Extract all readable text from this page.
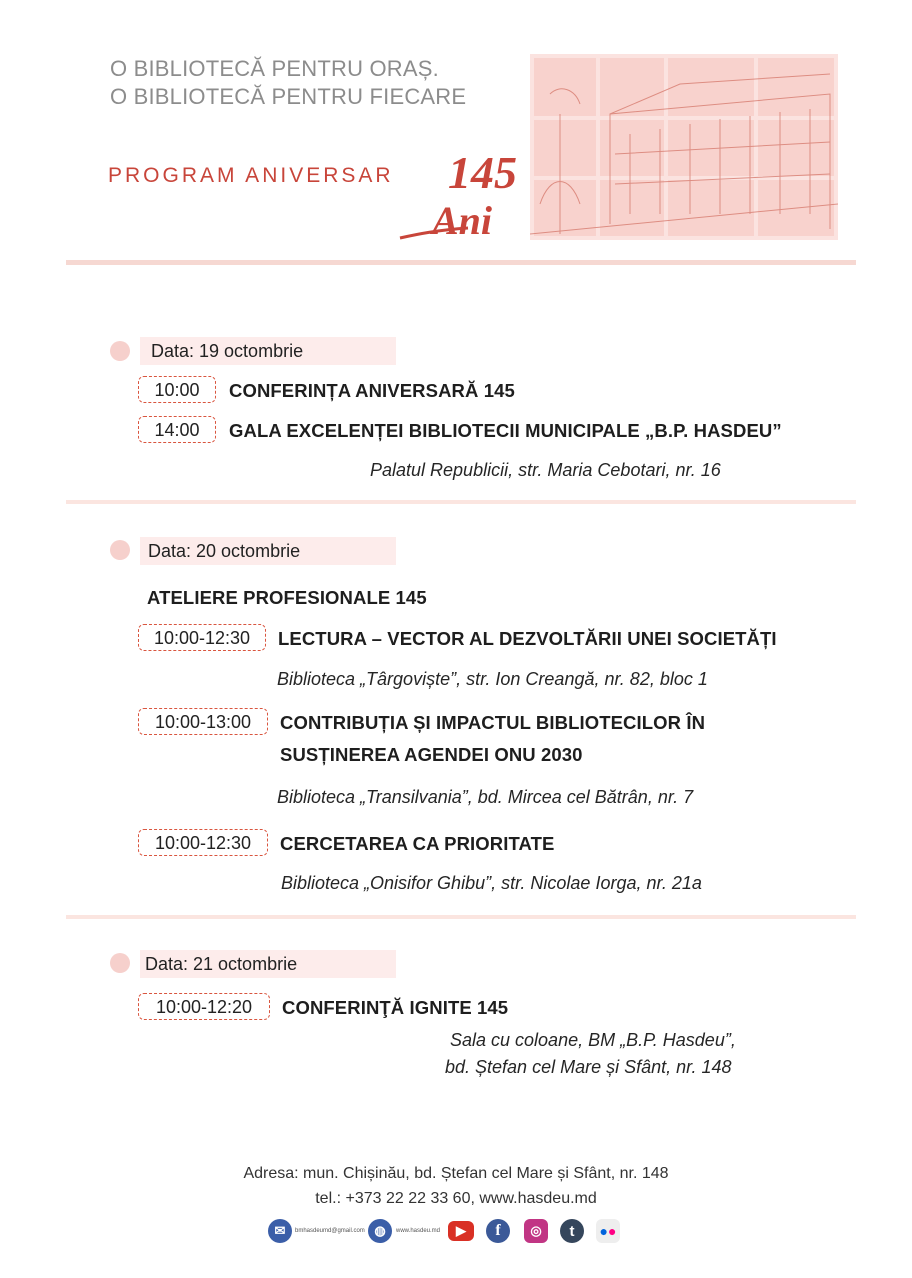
O BIBLIOTECĂ PENTRU ORAȘ.
O BIBLIOTECĂ PENTRU FIECARE
PROGRAM ANIVERSAR 145
Ani
Data: 19 octombrie
10:00	CONFERINȚA ANIVERSARĂ 145
14:00	GALA EXCELENȚEI BIBLIOTECII MUNICIPALE „B.P. HASDEU”
Palatul Republicii, str. Maria Cebotari, nr. 16
Data: 20 octombrie
ATELIERE PROFESIONALE 145
10:00-12:30	LECTURA – VECTOR AL DEZVOLTĂRII UNEI SOCIETĂȚI
Biblioteca „Târgoviște”, str. Ion Creangă, nr. 82, bloc 1
10:00-13:00	CONTRIBUȚIA ȘI IMPACTUL BIBLIOTECILOR ÎN
SUSȚINEREA AGENDEI ONU 2030
Biblioteca „Transilvania”, bd. Mircea cel Bătrân, nr. 7
10:00-12:30	CERCETAREA CA PRIORITATE
Biblioteca „Onisifor Ghibu”, str. Nicolae Iorga, nr. 21a
Data: 21 octombrie
10:00-12:20	CONFERINŢĂ IGNITE 145
Sala cu coloane, BM „B.P. Hasdeu”,
bd. Ștefan cel Mare și Sfânt, nr. 148
Adresa: mun. Chișinău, bd. Ștefan cel Mare și Sfânt, nr. 148
tel.: +373 22 22 33 60, www.hasdeu.md
✉	bmhasdeumd@gmail.com ◍	www.hasdeu.md	▶	f	◎	t	● ●
